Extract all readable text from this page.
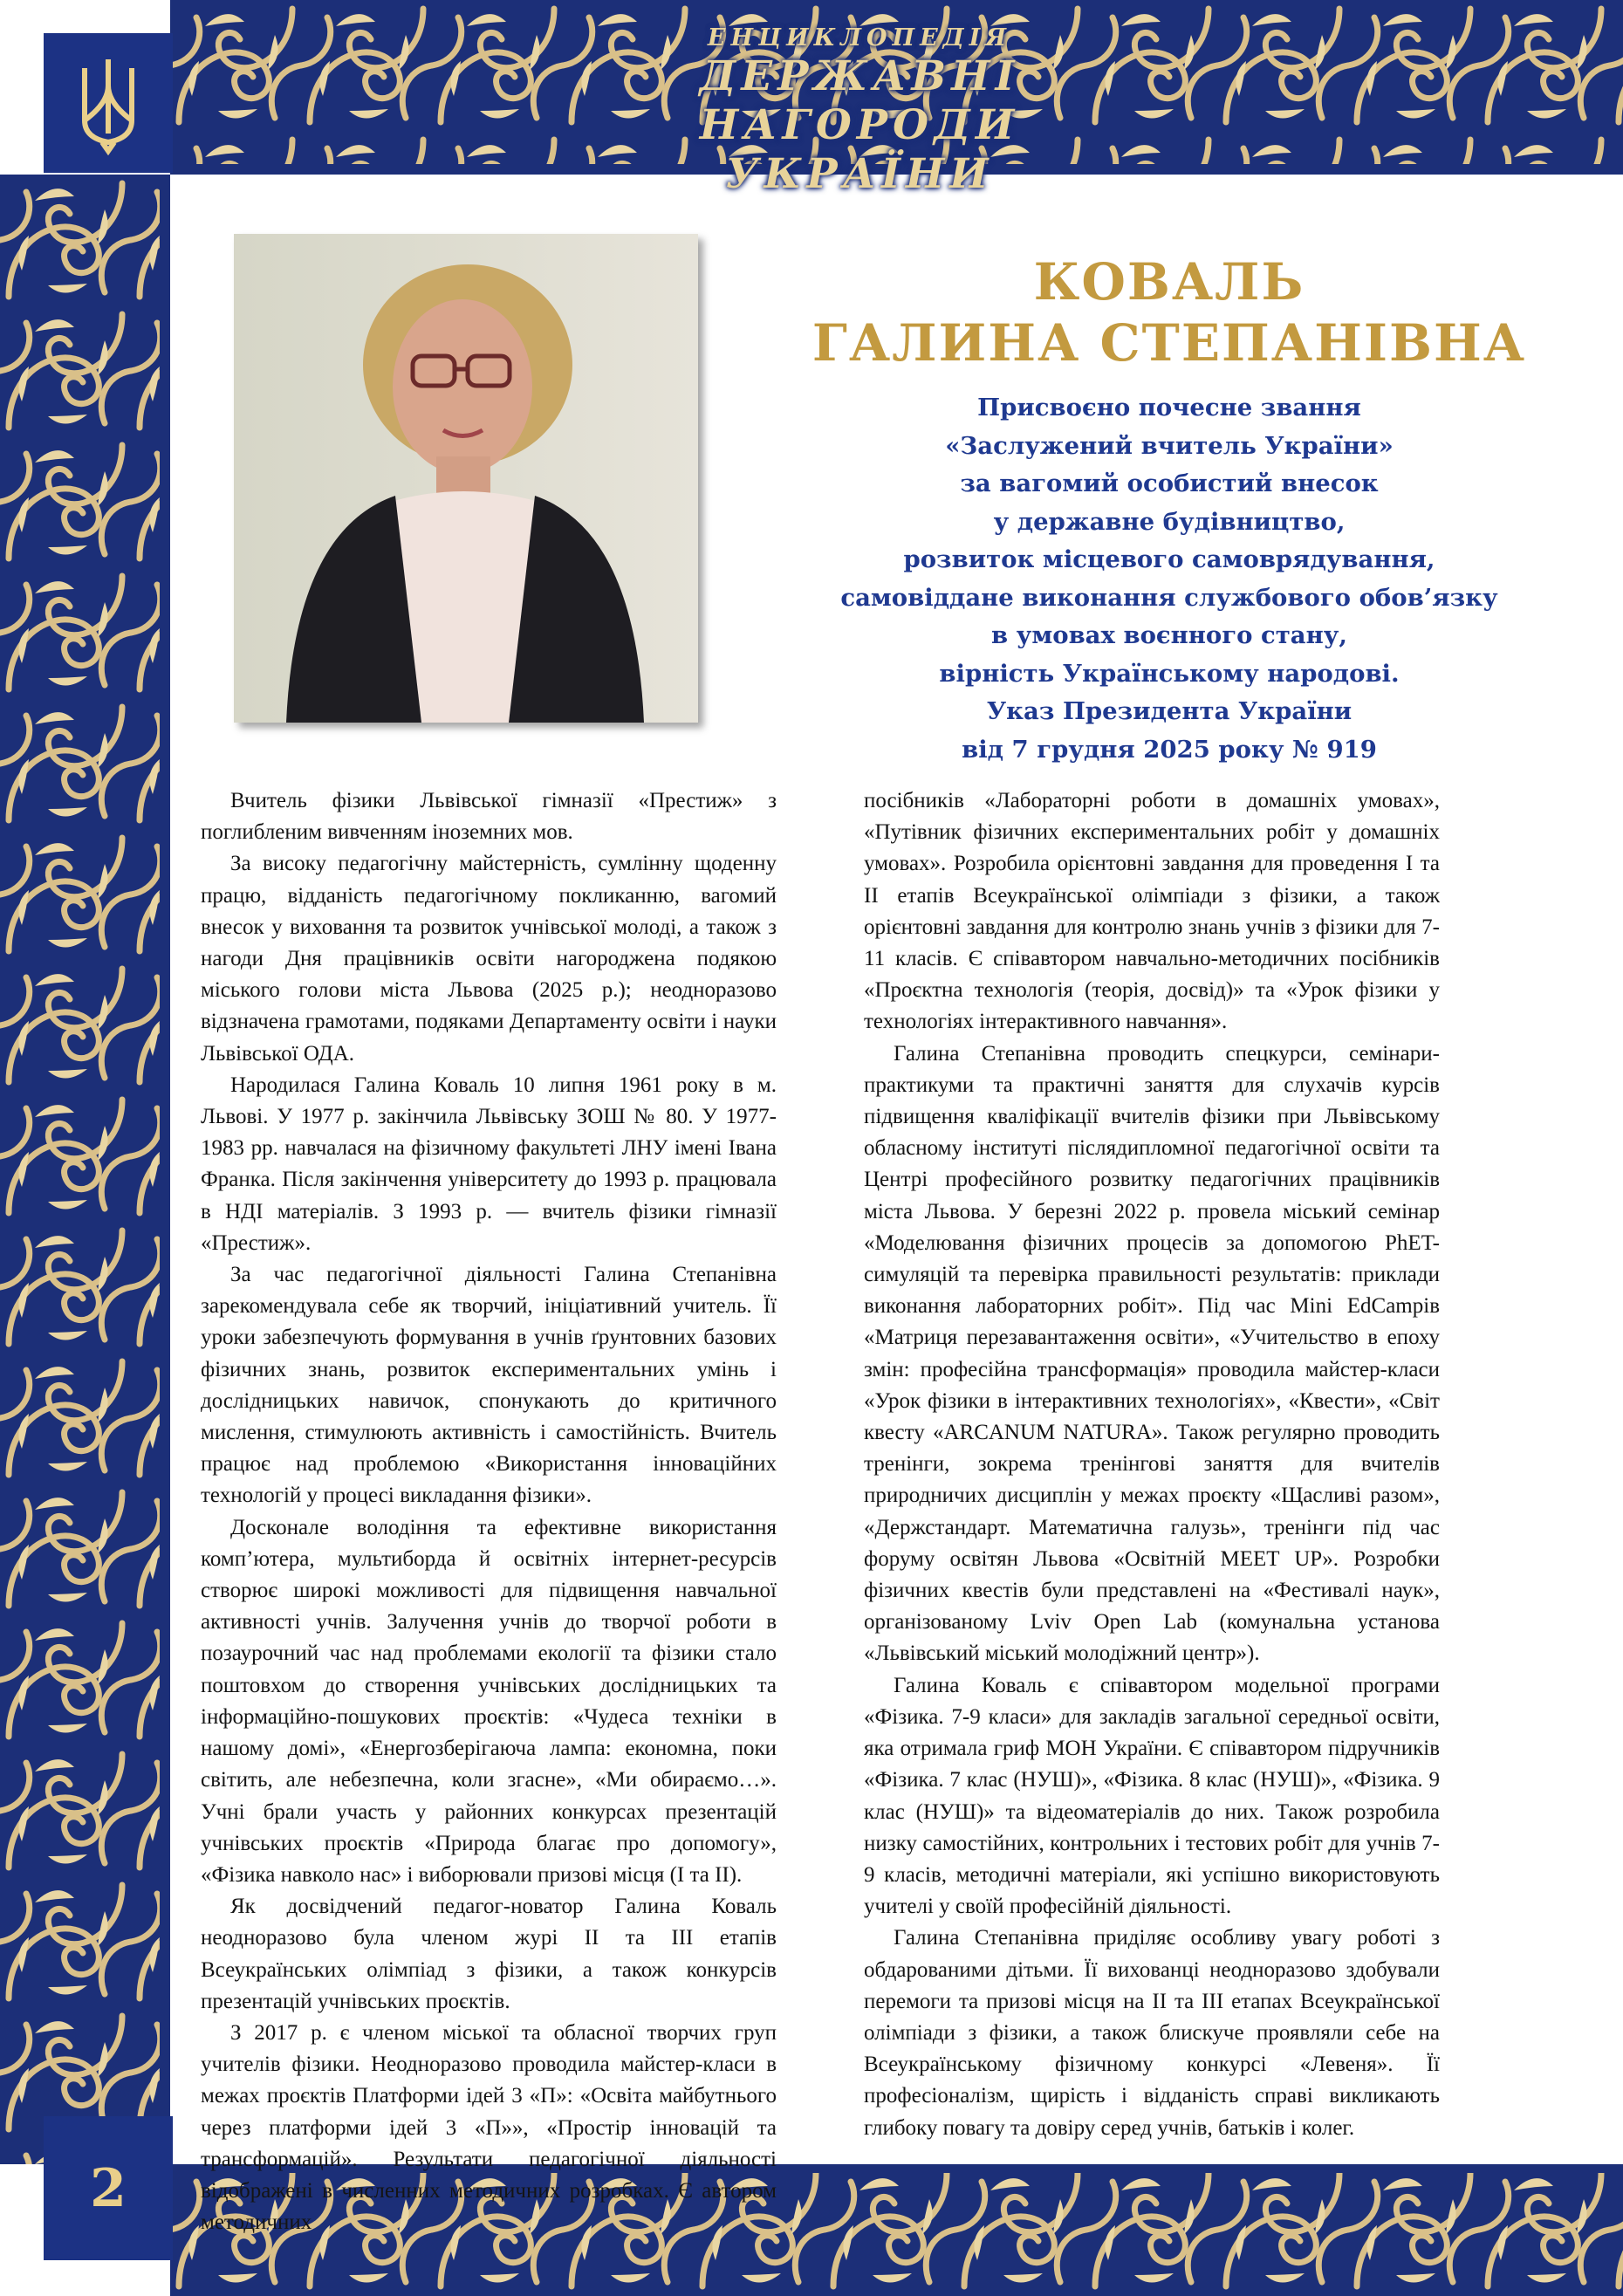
ЕНЦИКЛОПЕДІЯ
ДЕРЖАВНІ НАГОРОДИ
УКРАЇНИ
КОВАЛЬ
ГАЛИНА СТЕПАНІВНА
Присвоєно почесне звання
«Заслужений вчитель України»
за вагомий особистий внесок
у державне будівництво,
розвиток місцевого самоврядування,
самовіддане виконання службового обов’язку
в умовах воєнного стану,
вірність Українському народові.
Указ Президента України
від 7 грудня 2025 року № 919

Вчитель фізики Львівської гімназії «Престиж» з поглибленим вивченням іноземних мов.

За високу педагогічну майстерність, сумлінну щоденну працю, відданість педагогічному покликанню, вагомий внесок у виховання та розвиток учнівської молоді, а також з нагоди Дня працівників освіти нагороджена подякою міського голови міста Львова (2025 р.); неодноразово відзначена грамотами, подяками Департаменту освіти і науки Львівської ОДА.

Народилася Галина Коваль 10 липня 1961 року в м. Львові. У 1977 р. закінчила Львівську ЗОШ № 80. У 1977-1983 рр. навчалася на фізичному факультеті ЛНУ імені Івана Франка. Після закінчення університету до 1993 р. працювала в НДІ матеріалів. З 1993 р. — вчитель фізики гімназії «Престиж».

За час педагогічної діяльності Галина Степанівна зарекомендувала себе як творчий, ініціативний учитель. Її уроки забезпечують формування в учнів ґрунтовних базових фізичних знань, розвиток експериментальних умінь і дослідницьких навичок, спонукають до критичного мислення, стимулюють активність і самостійність. Вчитель працює над проблемою «Використання інноваційних технологій у процесі викладання фізики».

Досконале володіння та ефективне використання комп’ютера, мультиборда й освітніх інтернет-ресурсів створює широкі можливості для підвищення навчальної активності учнів. Залучення учнів до творчої роботи в позаурочний час над проблемами екології та фізики стало поштовхом до створення учнівських дослідницьких та інформаційно-пошукових проєктів: «Чудеса техніки в нашому домі», «Енергозберігаюча лампа: економна, поки світить, але небезпечна, коли згасне», «Ми обираємо…». Учні брали участь у районних конкурсах презентацій учнівських проєктів «Природа благає про допомогу», «Фізика навколо нас» і виборювали призові місця (І та ІІ).

Як досвідчений педагог-новатор Галина Коваль неодноразово була членом журі ІІ та ІІІ етапів Всеукраїнських олімпіад з фізики, а також конкурсів презентацій учнівських проєктів.

З 2017 р. є членом міської та обласної творчих груп учителів фізики. Неодноразово проводила майстер-класи в межах проєктів Платформи ідей 3 «П»: «Освіта майбутнього через платформи ідей 3 «П»», «Простір інновацій та трансформацій». Результати педагогічної діяльності відображені в численних методичних розробках. Є автором методичних

посібників «Лабораторні роботи в домашніх умовах», «Путівник фізичних експериментальних робіт у домашніх умовах». Розробила орієнтовні завдання для проведення І та ІІ етапів Всеукраїнської олімпіади з фізики, а також орієнтовні завдання для контролю знань учнів з фізики для 7-11 класів. Є співавтором навчально-методичних посібників «Проєктна технологія (теорія, досвід)» та «Урок фізики у технологіях інтерактивного навчання».

Галина Степанівна проводить спецкурси, семінари-практикуми та практичні заняття для слухачів курсів підвищення кваліфікації вчителів фізики при Львівському обласному інституті післядипломної педагогічної освіти та Центрі професійного розвитку педагогічних працівників міста Львова. У березні 2022 р. провела міський семінар «Моделювання фізичних процесів за допомогою PhET-симуляцій та перевірка правильності результатів: приклади виконання лабораторних робіт». Під час Mini EdCampів «Матриця перезавантаження освіти», «Учительство в епоху змін: професійна трансформація» проводила майстер-класи «Урок фізики в інтерактивних технологіях», «Квести», «Світ квесту «ARCANUM NATURA». Також регулярно проводить тренінги, зокрема тренінгові заняття для вчителів природничих дисциплін у межах проєкту «Щасливі разом», «Держстандарт. Математична галузь», тренінги під час форуму освітян Львова «Освітній MEET UP». Розробки фізичних квестів були представлені на «Фестивалі наук», організованому Lviv Open Lab (комунальна установа «Львівський міський молодіжний центр»).

Галина Коваль є співавтором модельної програми «Фізика. 7-9 класи» для закладів загальної середньої освіти, яка отримала гриф МОН України. Є співавтором підручників «Фізика. 7 клас (НУШ)», «Фізика. 8 клас (НУШ)», «Фізика. 9 клас (НУШ)» та відеоматеріалів до них. Також розробила низку самостійних, контрольних і тестових робіт для учнів 7-9 класів, методичні матеріали, які успішно використовують учителі у своїй професійній діяльності.

Галина Степанівна приділяє особливу увагу роботі з обдарованими дітьми. Її вихованці неодноразово здобували перемоги та призові місця на ІІ та ІІІ етапах Всеукраїнської олімпіади з фізики, а також блискуче проявляли себе на Всеукраїнському фізичному конкурсі «Левеня». Її професіоналізм, щирість і відданість справі викликають глибоку повагу та довіру серед учнів, батьків і колег.

2
